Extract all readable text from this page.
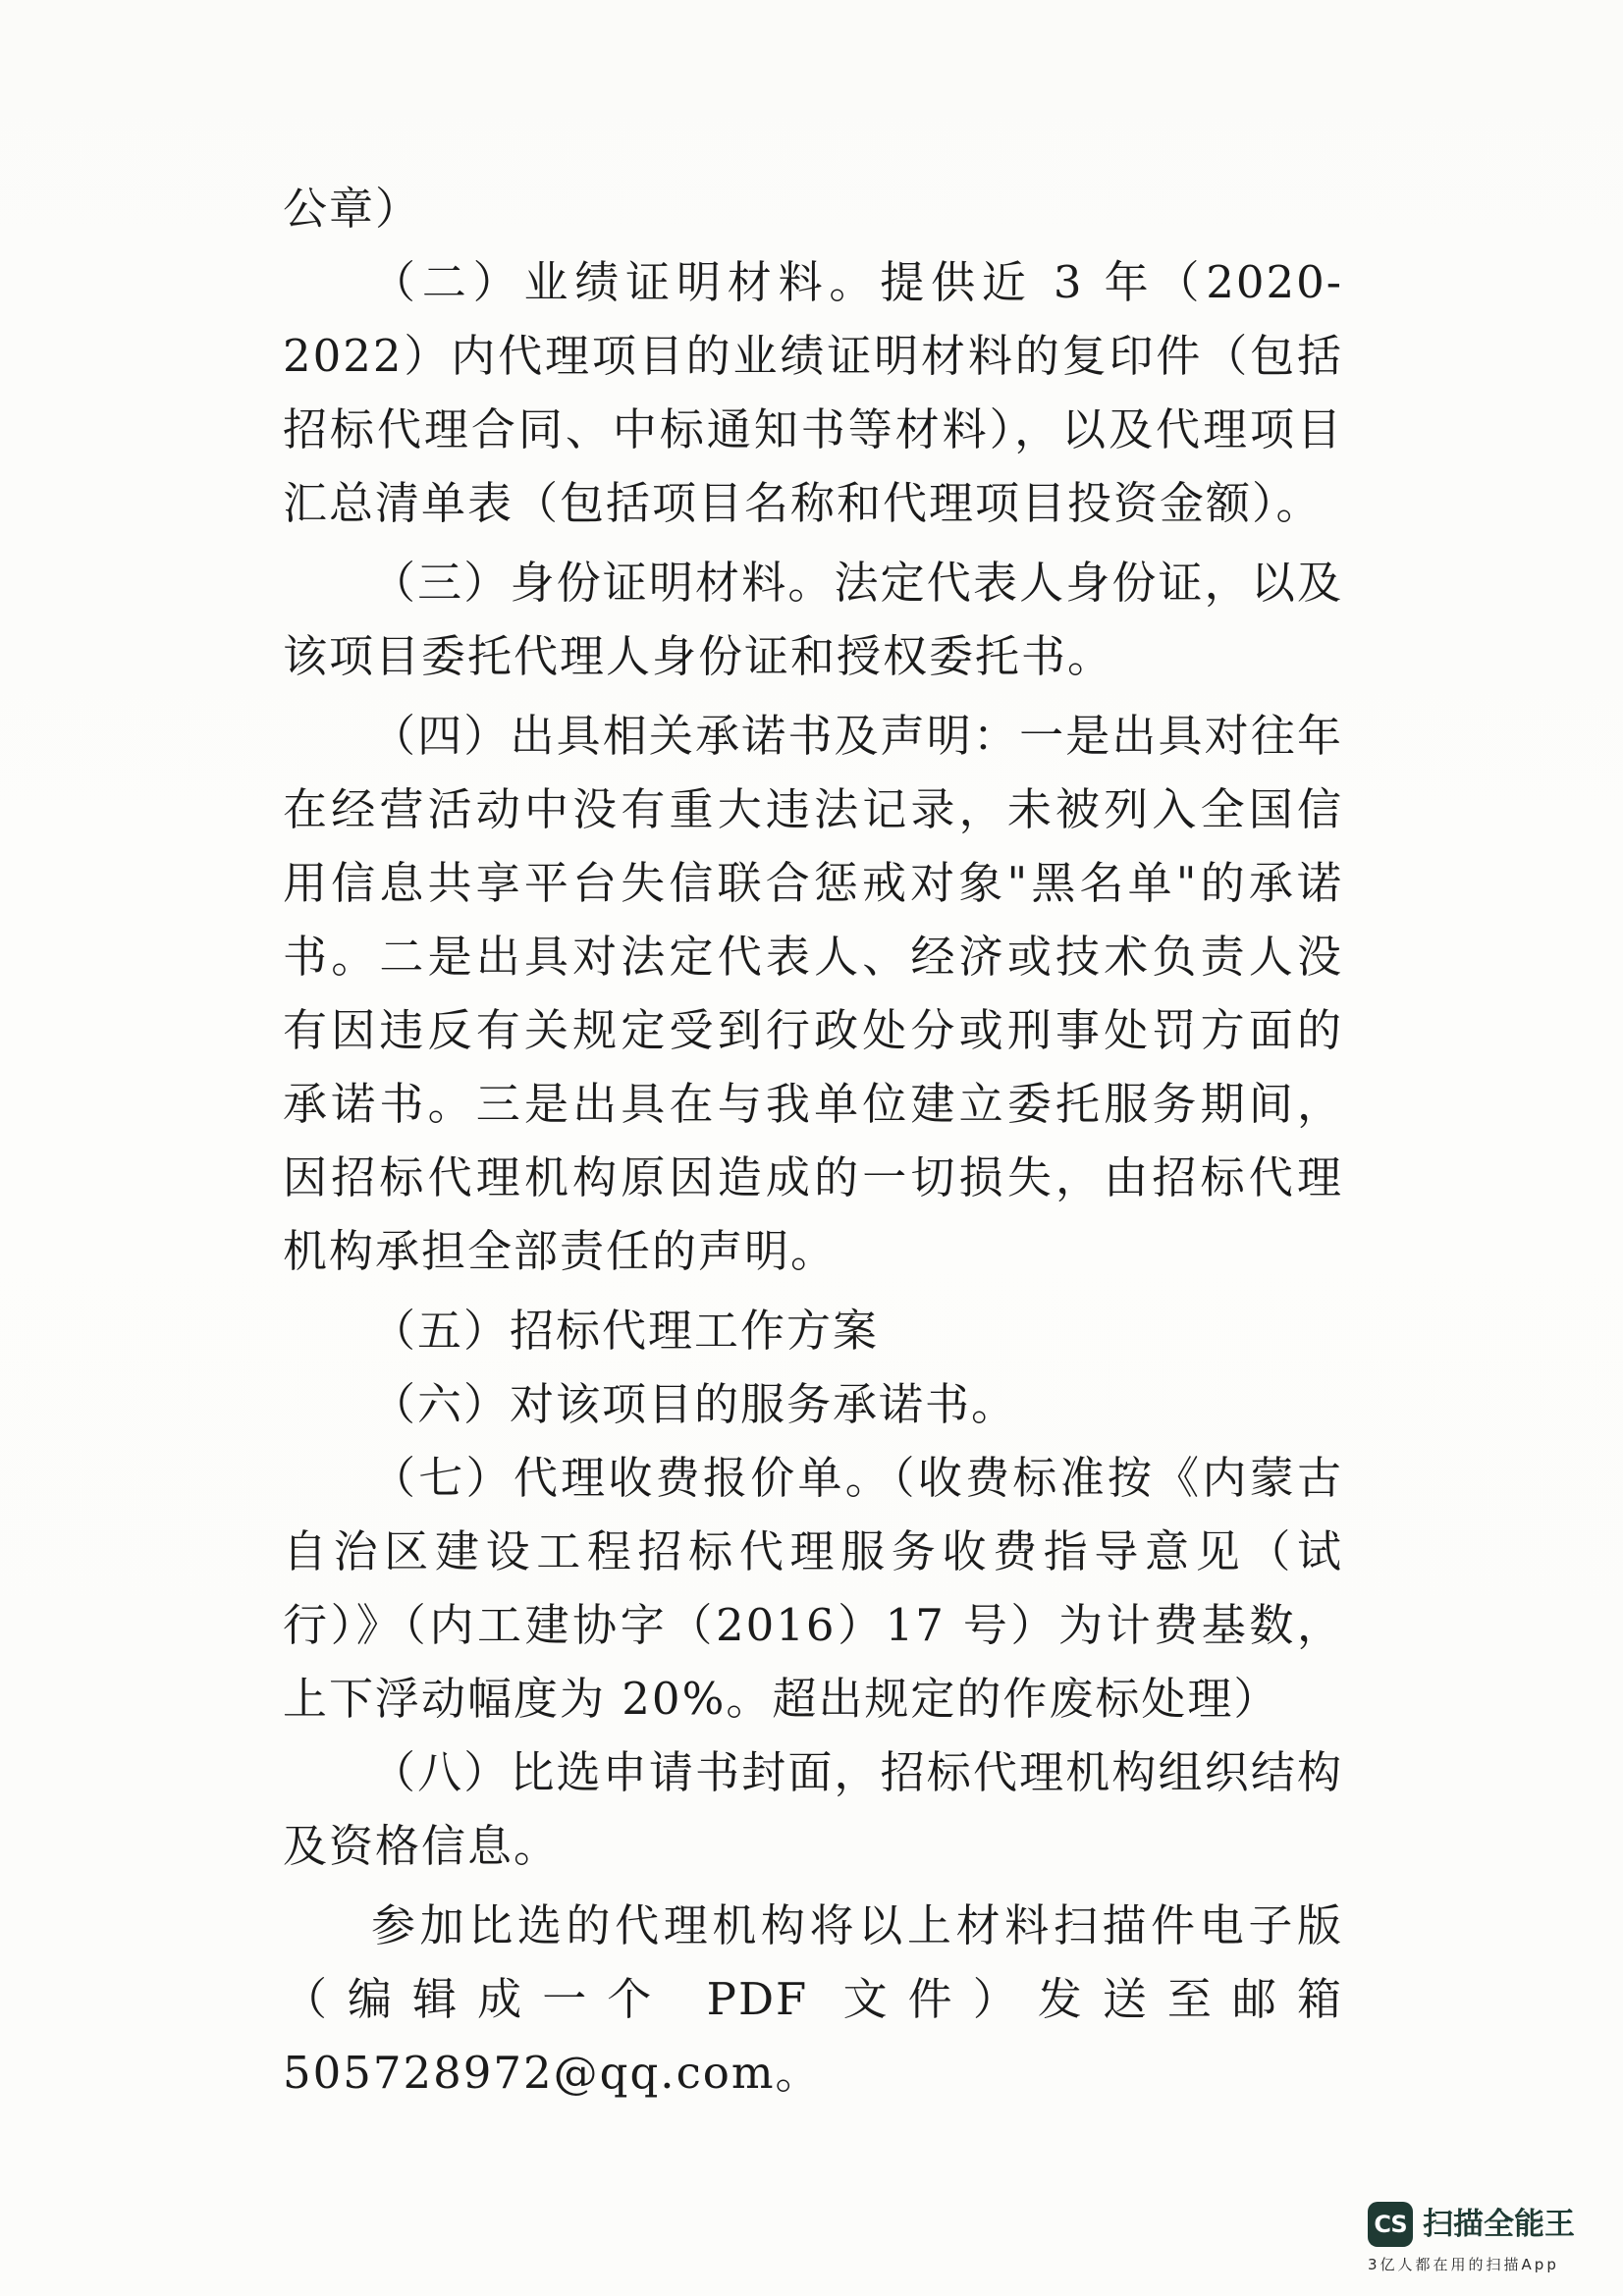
公章）

（二）业绩证明材料。提供近 3 年（2020-2022）内代理项目的业绩证明材料的复印件（包括招标代理合同、中标通知书等材料），以及代理项目汇总清单表（包括项目名称和代理项目投资金额）。

（三）身份证明材料。法定代表人身份证，以及该项目委托代理人身份证和授权委托书。

（四）出具相关承诺书及声明：一是出具对往年在经营活动中没有重大违法记录，未被列入全国信用信息共享平台失信联合惩戒对象"黑名单"的承诺书。二是出具对法定代表人、经济或技术负责人没有因违反有关规定受到行政处分或刑事处罚方面的承诺书。三是出具在与我单位建立委托服务期间，因招标代理机构原因造成的一切损失，由招标代理机构承担全部责任的声明。

（五）招标代理工作方案

（六）对该项目的服务承诺书。

（七）代理收费报价单。（收费标准按《内蒙古自治区建设工程招标代理服务收费指导意见（试行）》（内工建协字（2016）17 号）为计费基数，上下浮动幅度为 20%。超出规定的作废标处理）

（八）比选申请书封面，招标代理机构组织结构及资格信息。

参加比选的代理机构将以上材料扫描件电子版（编辑成一个 PDF 文件）发送至邮箱 505728972@qq.com。

CS 扫描全能王
3亿人都在用的扫描App
